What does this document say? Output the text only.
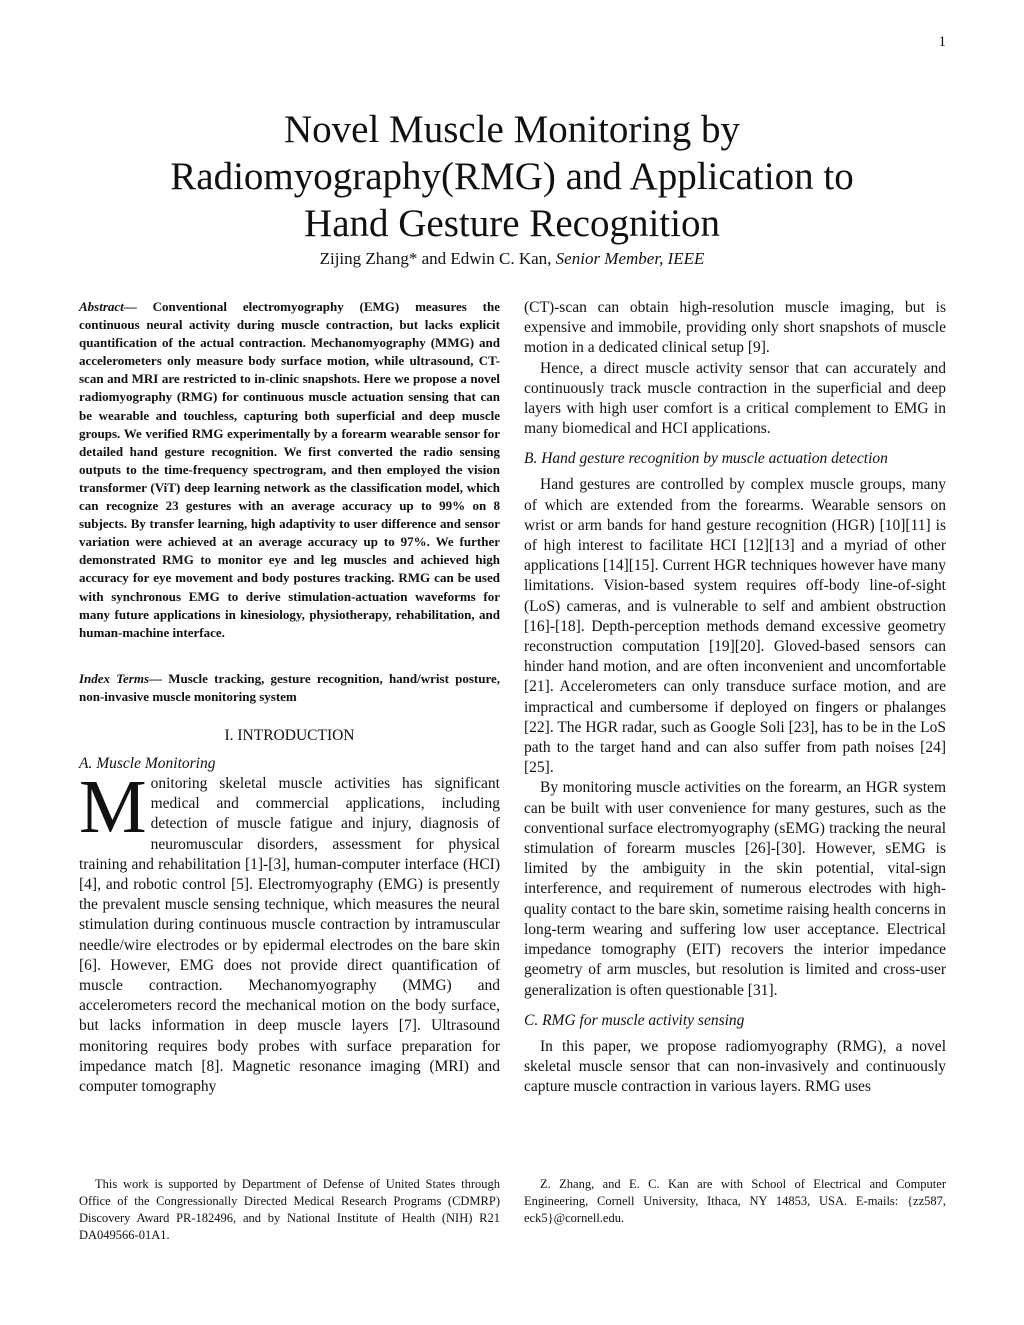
1
Novel Muscle Monitoring by
Radiomyography(RMG) and Application to
Hand Gesture Recognition
Zijing Zhang* and Edwin C. Kan, Senior Member, IEEE

Abstract— Conventional electromyography (EMG) measures the continuous neural activity during muscle contraction, but lacks explicit quantification of the actual contraction. Mechanomyography (MMG) and accelerometers only measure body surface motion, while ultrasound, CT-scan and MRI are restricted to in-clinic snapshots. Here we propose a novel radiomyography (RMG) for continuous muscle actuation sensing that can be wearable and touchless, capturing both superficial and deep muscle groups. We verified RMG experimentally by a forearm wearable sensor for detailed hand gesture recognition. We first converted the radio sensing outputs to the time-frequency spectrogram, and then employed the vision transformer (ViT) deep learning network as the classification model, which can recognize 23 gestures with an average accuracy up to 99% on 8 subjects. By transfer learning, high adaptivity to user difference and sensor variation were achieved at an average accuracy up to 97%. We further demonstrated RMG to monitor eye and leg muscles and achieved high accuracy for eye movement and body postures tracking. RMG can be used with synchronous EMG to derive stimulation-actuation waveforms for many future applications in kinesiology, physiotherapy, rehabilitation, and human-machine interface.

Index Terms— Muscle tracking, gesture recognition, hand/wrist posture, non-invasive muscle monitoring system

I. INTRODUCTION
A. Muscle Monitoring

Monitoring skeletal muscle activities has significant medical and commercial applications, including detection of muscle fatigue and injury, diagnosis of neuromuscular disorders, assessment for physical training and rehabilitation [1]-[3], human-computer interface (HCI) [4], and robotic control [5]. Electromyography (EMG) is presently the prevalent muscle sensing technique, which measures the neural stimulation during continuous muscle contraction by intramuscular needle/wire electrodes or by epidermal electrodes on the bare skin [6]. However, EMG does not provide direct quantification of muscle contraction. Mechanomyography (MMG) and accelerometers record the mechanical motion on the body surface, but lacks information in deep muscle layers [7]. Ultrasound monitoring requires body probes with surface preparation for impedance match [8]. Magnetic resonance imaging (MRI) and computer tomography

(CT)-scan can obtain high-resolution muscle imaging, but is expensive and immobile, providing only short snapshots of muscle motion in a dedicated clinical setup [9].

Hence, a direct muscle activity sensor that can accurately and continuously track muscle contraction in the superficial and deep layers with high user comfort is a critical complement to EMG in many biomedical and HCI applications.

B. Hand gesture recognition by muscle actuation detection

Hand gestures are controlled by complex muscle groups, many of which are extended from the forearms. Wearable sensors on wrist or arm bands for hand gesture recognition (HGR) [10][11] is of high interest to facilitate HCI [12][13] and a myriad of other applications [14][15]. Current HGR techniques however have many limitations. Vision-based system requires off-body line-of-sight (LoS) cameras, and is vulnerable to self and ambient obstruction [16]-[18]. Depth-perception methods demand excessive geometry reconstruction computation [19][20]. Gloved-based sensors can hinder hand motion, and are often inconvenient and uncomfortable [21]. Accelerometers can only transduce surface motion, and are impractical and cumbersome if deployed on fingers or phalanges [22]. The HGR radar, such as Google Soli [23], has to be in the LoS path to the target hand and can also suffer from path noises [24][25].

By monitoring muscle activities on the forearm, an HGR system can be built with user convenience for many gestures, such as the conventional surface electromyography (sEMG) tracking the neural stimulation of forearm muscles [26]-[30]. However, sEMG is limited by the ambiguity in the skin potential, vital-sign interference, and requirement of numerous electrodes with high-quality contact to the bare skin, sometime raising health concerns in long-term wearing and suffering low user acceptance. Electrical impedance tomography (EIT) recovers the interior impedance geometry of arm muscles, but resolution is limited and cross-user generalization is often questionable [31].

C. RMG for muscle activity sensing

In this paper, we propose radiomyography (RMG), a novel skeletal muscle sensor that can non-invasively and continuously capture muscle contraction in various layers. RMG uses

This work is supported by Department of Defense of United States through Office of the Congressionally Directed Medical Research Programs (CDMRP) Discovery Award PR-182496, and by National Institute of Health (NIH) R21 DA049566-01A1.
Z. Zhang, and E. C. Kan are with School of Electrical and Computer Engineering, Cornell University, Ithaca, NY 14853, USA. E-mails: {zz587, eck5}@cornell.edu.
